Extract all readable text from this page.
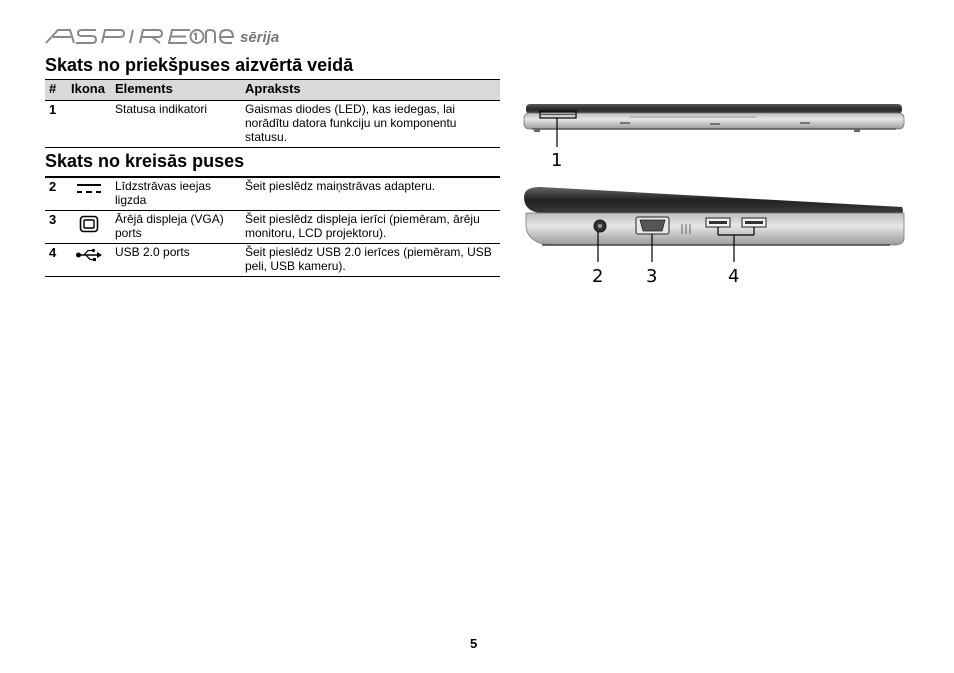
sērija
Skats no priekšpuses aizvērtā veidā
#	Ikona	Elements	Apraksts
1		Statusa indikatori	Gaismas diodes (LED), kas iedegas, lai norādītu datora funkciju un komponentu statusu.
Skats no kreisās puses
2		Līdzstrāvas ieejas ligzda	Šeit pieslēdz maiņstrāvas adapteru.
3		Ārējā displeja (VGA) ports	Šeit pieslēdz displeja ierīci (piemēram, ārēju monitoru, LCD projektoru).
4		USB 2.0 ports	Šeit pieslēdz USB 2.0 ierīces (piemēram, USB peli, USB kameru).
1
2 3	4
5
